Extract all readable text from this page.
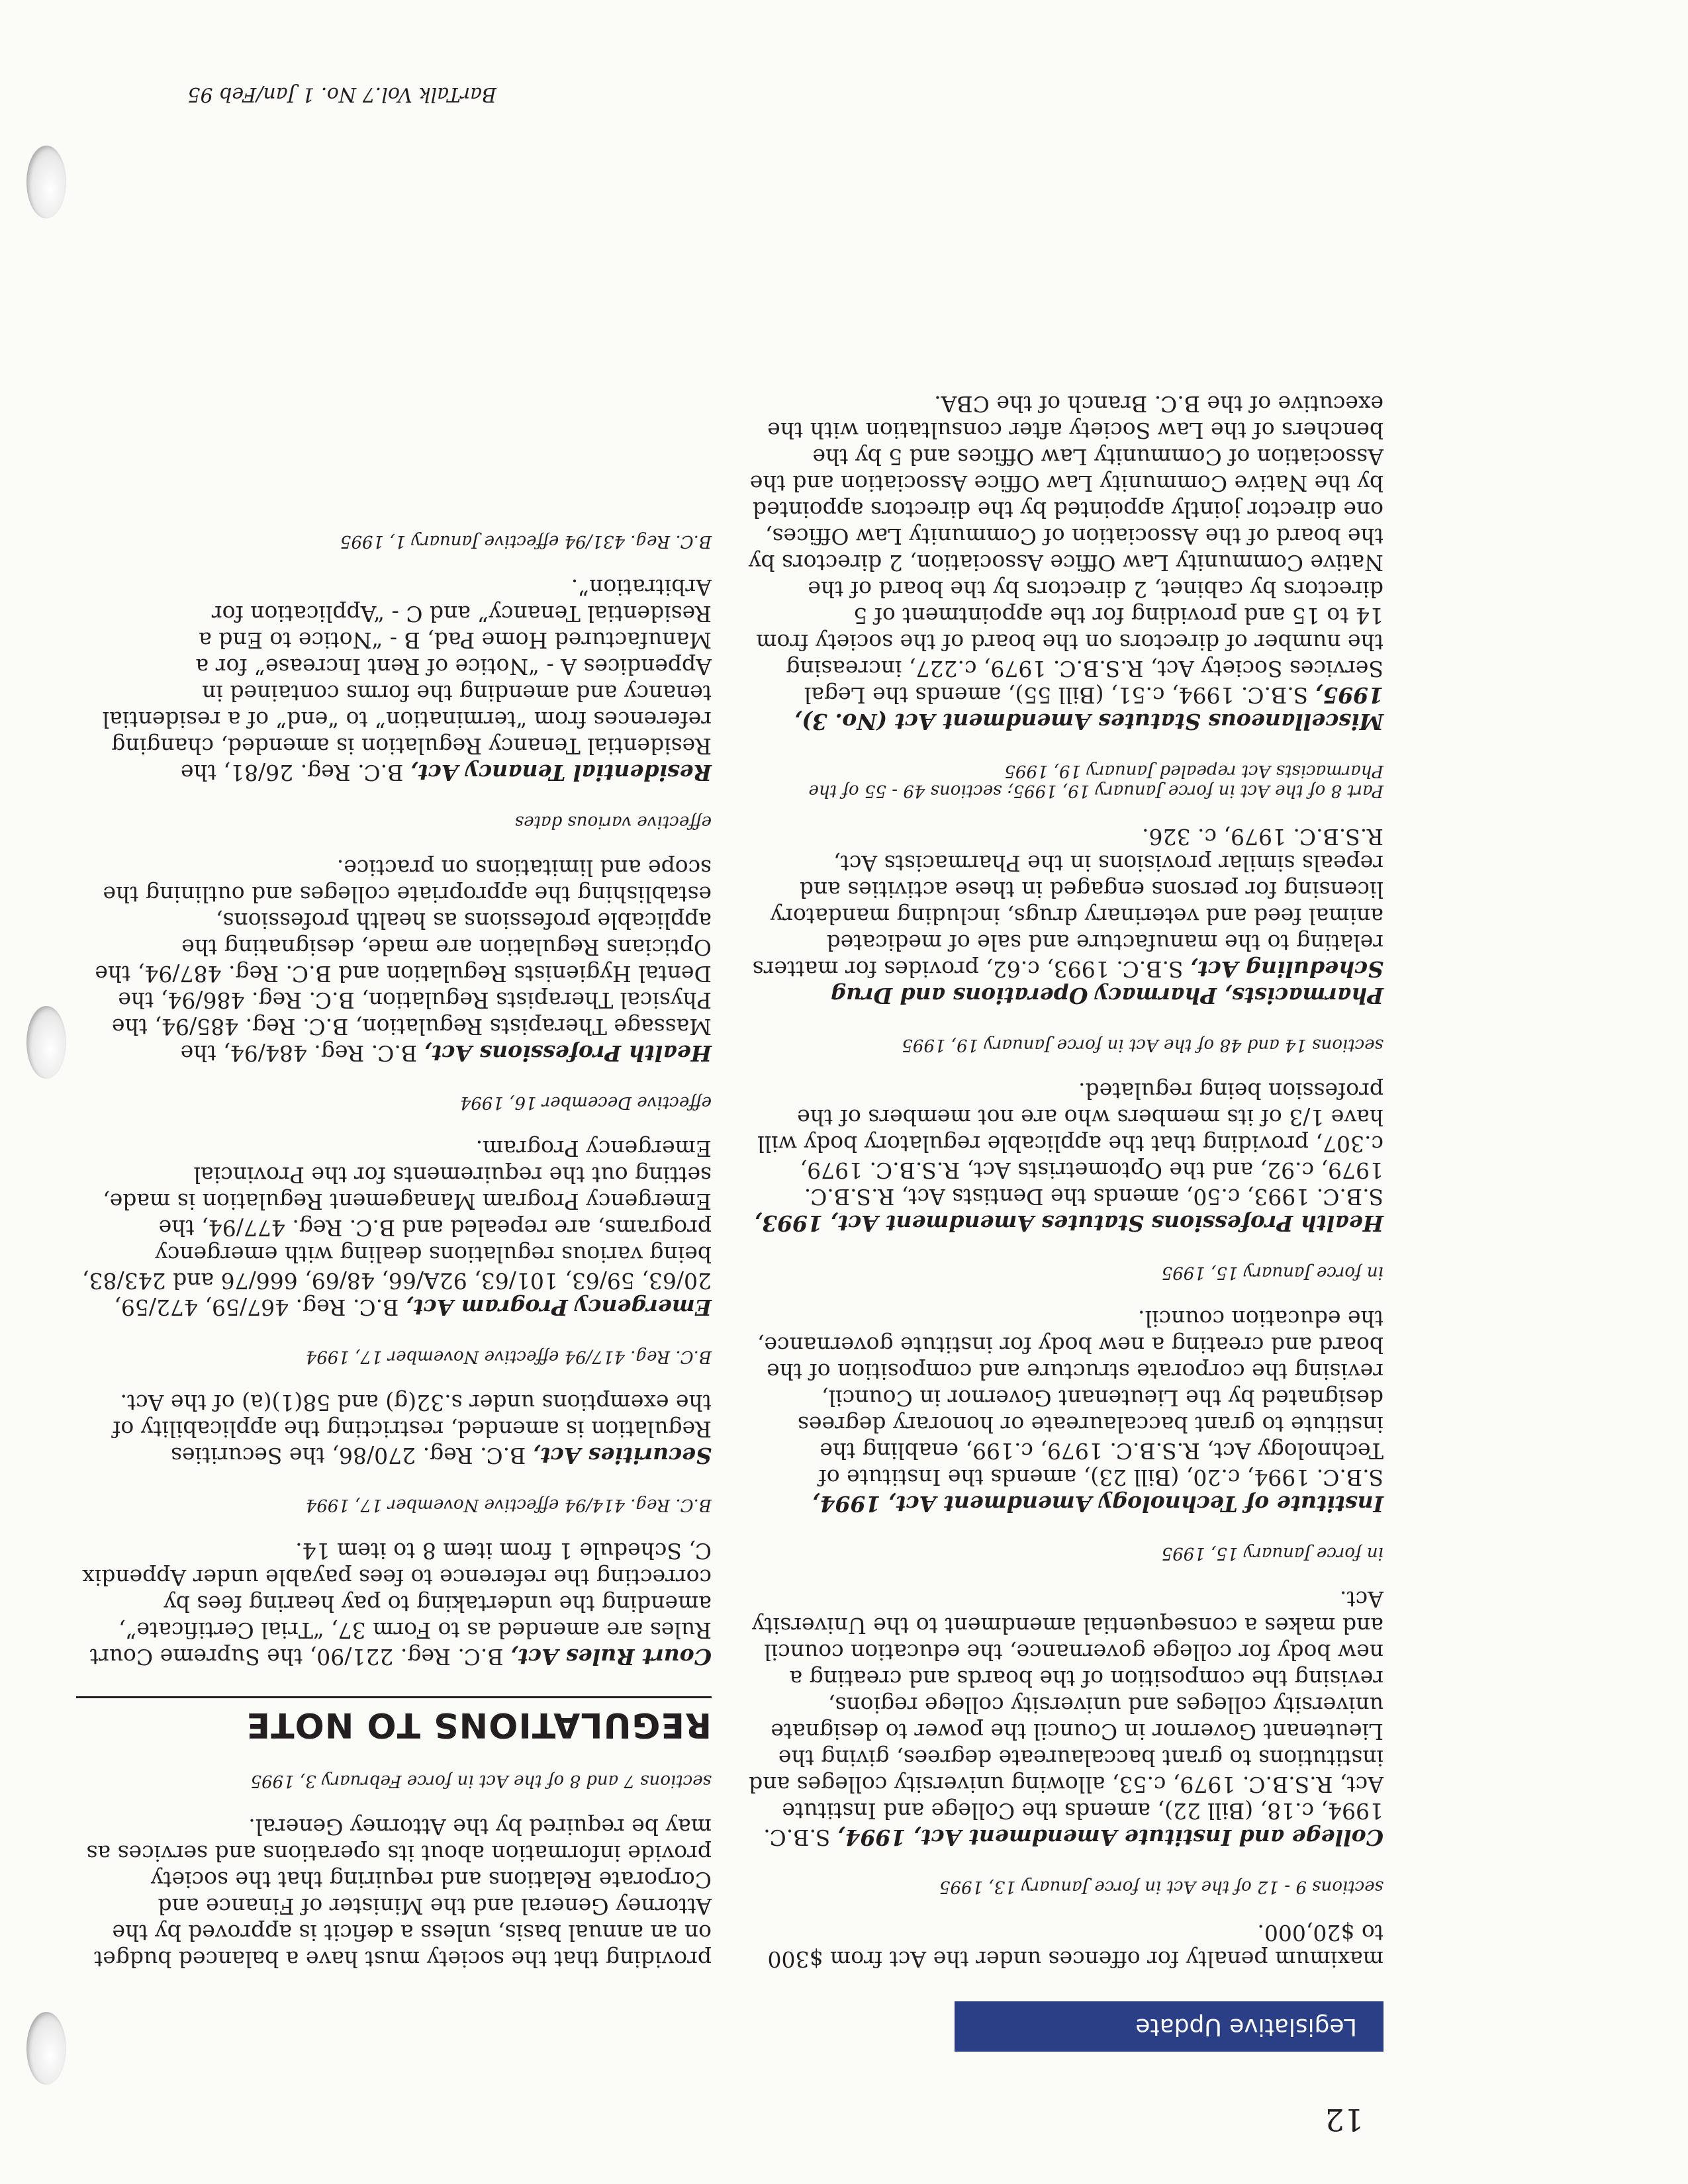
12
Legislative Update

maximum penalty for offences under the Act from $300 to $20,000.

sections 9 - 12 of the Act in force January 13, 1995

College and Institute Amendment Act, 1994, S.B.C. 1994, c.18, (Bill 22), amends the College and Institute Act, R.S.B.C. 1979, c.53, allowing university colleges and institutions to grant baccalaureate degrees, giving the Lieutenant Governor in Council the power to designate university colleges and university college regions, revising the composition of the boards and creating a new body for college governance, the education council and makes a consequential amendment to the University Act.

in force January 15, 1995

Institute of Technology Amendment Act, 1994, S.B.C. 1994, c.20, (Bill 23), amends the Institute of Technology Act, R.S.B.C. 1979, c.199, enabling the institute to grant baccalaureate or honorary degrees designated by the Lieutenant Governor in Council, revising the corporate structure and composition of the board and creating a new body for institute governance, the education council.

in force January 15, 1995

Health Professions Statutes Amendment Act, 1993, S.B.C. 1993, c.50, amends the Dentists Act, R.S.B.C. 1979, c.92, and the Optometrists Act, R.S.B.C. 1979, c.307, providing that the applicable regulatory body will have 1/3 of its members who are not members of the profession being regulated.

sections 14 and 48 of the Act in force January 19, 1995

Pharmacists, Pharmacy Operations and Drug Scheduling Act, S.B.C. 1993, c.62, provides for matters relating to the manufacture and sale of medicated animal feed and veterinary drugs, including mandatory licensing for persons engaged in these activities and repeals similar provisions in the Pharmacists Act, R.S.B.C. 1979, c. 326.

Part 8 of the Act in force January 19, 1995; sections 49 - 55 of the Pharmacists Act repealed January 19, 1995

Miscellaneous Statutes Amendment Act (No. 3), 1995, S.B.C. 1994, c.51, (Bill 55), amends the Legal Services Society Act, R.S.B.C. 1979, c.227, increasing the number of directors on the board of the society from 14 to 15 and providing for the appointment of 5 directors by cabinet, 2 directors by the board of the Native Community Law Office Association, 2 directors by the board of the Association of Community Law Offices, one director jointly appointed by the directors appointed by the Native Community Law Office Association and the Association of Community Law Offices and 5 by the benchers of the Law Society after consultation with the executive of the B.C. Branch of the CBA.

providing that the society must have a balanced budget on an annual basis, unless a deficit is approved by the Attorney General and the Minister of Finance and Corporate Relations and requiring that the society provide information about its operations and services as may be required by the Attorney General.

sections 7 and 8 of the Act in force February 3, 1995

REGULATIONS TO NOTE

Court Rules Act, B.C. Reg. 221/90, the Supreme Court Rules are amended as to Form 37, “Trial Certificate”, amending the undertaking to pay hearing fees by correcting the reference to fees payable under Appendix C, Schedule 1 from item 8 to item 14.

B.C. Reg. 414/94 effective November 17, 1994

Securities Act, B.C. Reg. 270/86, the Securities Regulation is amended, restricting the applicability of the exemptions under s.32(g) and 58(1)(a) of the Act.

B.C. Reg. 417/94 effective November 17, 1994

Emergency Program Act, B.C. Reg. 467/59, 472/59, 20/63, 59/63, 101/63, 92A/66, 48/69, 666/76 and 243/83, being various regulations dealing with emergency programs, are repealed and B.C. Reg. 477/94, the Emergency Program Management Regulation is made, setting out the requirements for the Provincial Emergency Program.

effective December 16, 1994

Health Professions Act, B.C. Reg. 484/94, the Massage Therapists Regulation, B.C. Reg. 485/94, the Physical Therapists Regulation, B.C. Reg. 486/94, the Dental Hygienists Regulation and B.C. Reg. 487/94, the Opticians Regulation are made, designating the applicable professions as health professions, establishing the appropriate colleges and outlining the scope and limitations on practice.

effective various dates

Residential Tenancy Act, B.C. Reg. 26/81, the Residential Tenancy Regulation is amended, changing references from “termination” to “end” of a residential tenancy and amending the forms contained in Appendices A - “Notice of Rent Increase” for a Manufactured Home Pad, B - “Notice to End a Residential Tenancy” and C - “Application for Arbitration”.

B.C. Reg. 431/94 effective January 1, 1995

BarTalk Vol.7 No. 1 Jan/Feb 95
